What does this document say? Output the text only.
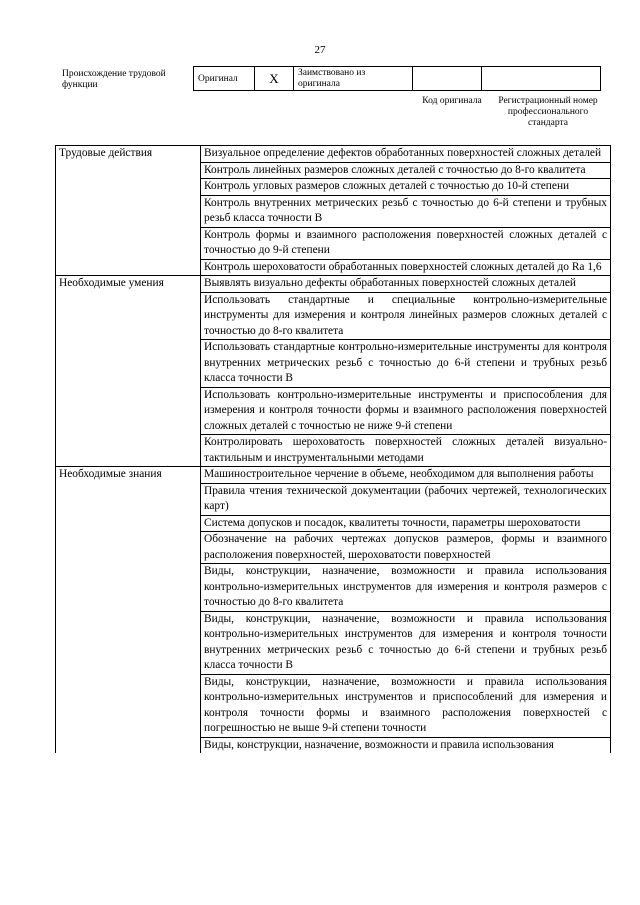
27
Происхождение трудовой функции
Оригинал	X	Заимствовано из оригинала		
Код оригинала	Регистрационный номер профессионального стандарта
Трудовые действия	Визуальное определение дефектов обработанных поверхностей сложных деталей
	Контроль линейных размеров сложных деталей с точностью до 8-го квалитета
	Контроль угловых размеров сложных деталей с точностью до 10-й степени
	Контроль внутренних метрических резьб с точностью до 6-й степени и трубных резьб класса точности В
	Контроль формы и взаимного расположения поверхностей сложных деталей с точностью до 9-й степени
	Контроль шероховатости обработанных поверхностей сложных деталей до Ra 1,6
Необходимые умения	Выявлять визуально дефекты обработанных поверхностей сложных деталей
	Использовать стандартные и специальные контрольно-измерительные инструменты для измерения и контроля линейных размеров сложных деталей с точностью до 8-го квалитета
	Использовать стандартные контрольно-измерительные инструменты для контроля внутренних метрических резьб с точностью до 6-й степени и трубных резьб класса точности В
	Использовать контрольно-измерительные инструменты и приспособления для измерения и контроля точности формы и взаимного расположения поверхностей сложных деталей с точностью не ниже 9-й степени
	Контролировать шероховатость поверхностей сложных деталей визуально-тактильным и инструментальными методами
Необходимые знания	Машиностроительное черчение в объеме, необходимом для выполнения работы
	Правила чтения технической документации (рабочих чертежей, технологических карт)
	Система допусков и посадок, квалитеты точности, параметры шероховатости
	Обозначение на рабочих чертежах допусков размеров, формы и взаимного расположения поверхностей, шероховатости поверхностей
	Виды, конструкции, назначение, возможности и правила использования контрольно-измерительных инструментов для измерения и контроля размеров с точностью до 8-го квалитета
	Виды, конструкции, назначение, возможности и правила использования контрольно-измерительных инструментов для измерения и контроля точности внутренних метрических резьб с точностью до 6-й степени и трубных резьб класса точности В
	Виды, конструкции, назначение, возможности и правила использования контрольно-измерительных инструментов и приспособлений для измерения и контроля точности формы и взаимного расположения поверхностей с погрешностью не выше 9-й степени точности
	Виды, конструкции, назначение, возможности и правила использования
